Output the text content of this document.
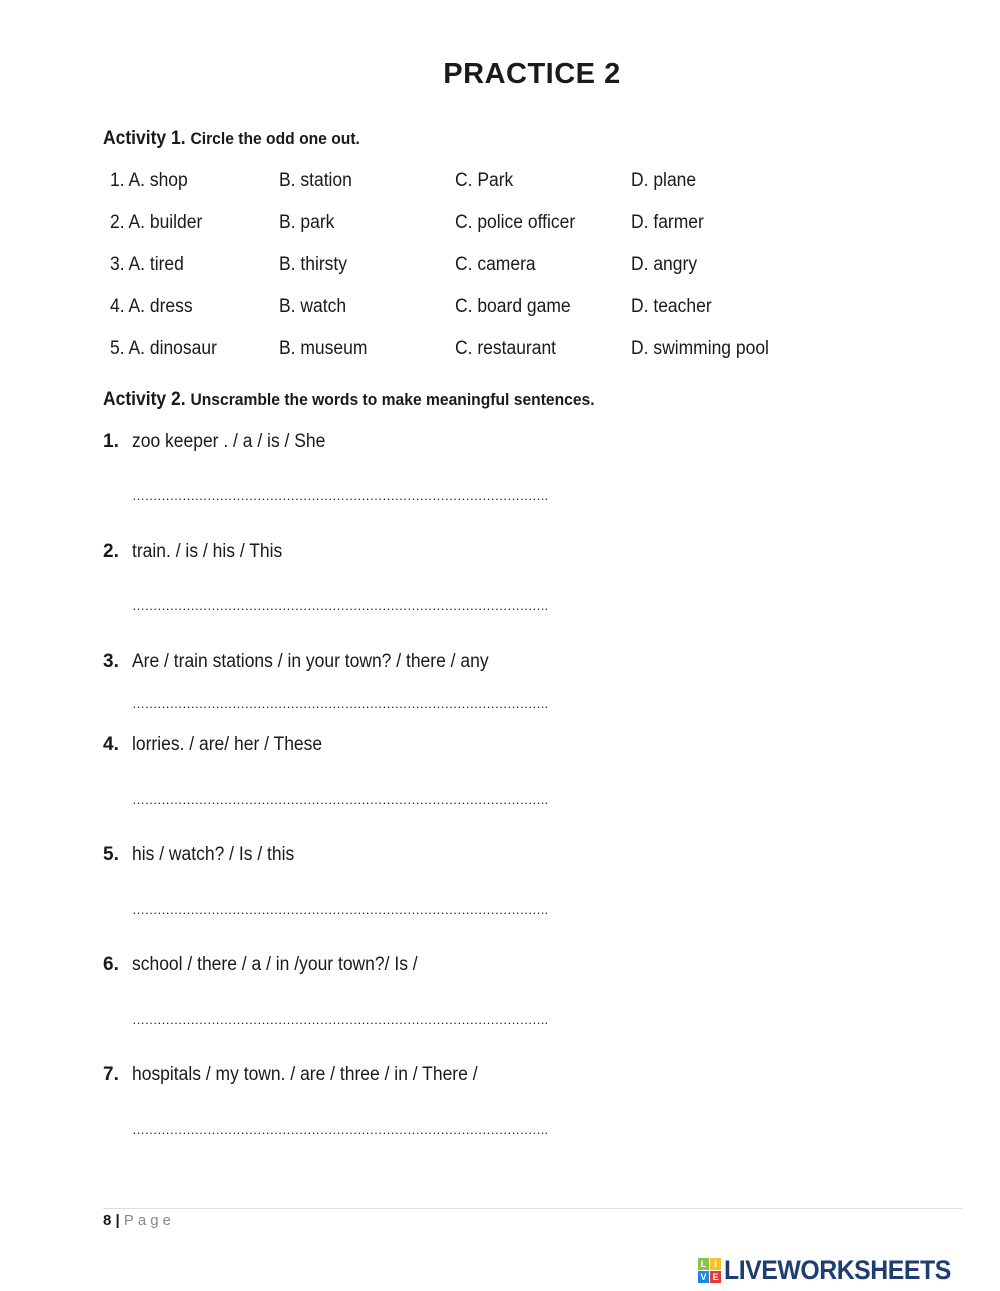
PRACTICE 2
Activity 1. Circle the odd one out.
1. A. shop	B. station	C. Park	D. plane
2. A. builder	B. park	C. police officer	D. farmer
3. A. tired	B. thirsty	C. camera	D. angry
4. A. dress	B. watch	C. board game	D. teacher
5. A. dinosaur	B. museum	C. restaurant	D. swimming pool
Activity 2. Unscramble the words to make meaningful sentences.
1. zoo keeper . / a / is / She
……………………………………………………………………………………….
2. train. / is / his / This
……………………………………………………………………………………….
3. Are / train stations / in your town? / there / any
……………………………………………………………………………………….
4. lorries. / are/ her / These
……………………………………………………………………………………….
5. his / watch? / Is / this
……………………………………………………………………………………….
6. school / there / a / in /your town?/ Is /
……………………………………………………………………………………….
7. hospitals / my town. / are / three / in / There /
……………………………………………………………………………………….
8 | Page
L I
V E LIVEWORKSHEETS
